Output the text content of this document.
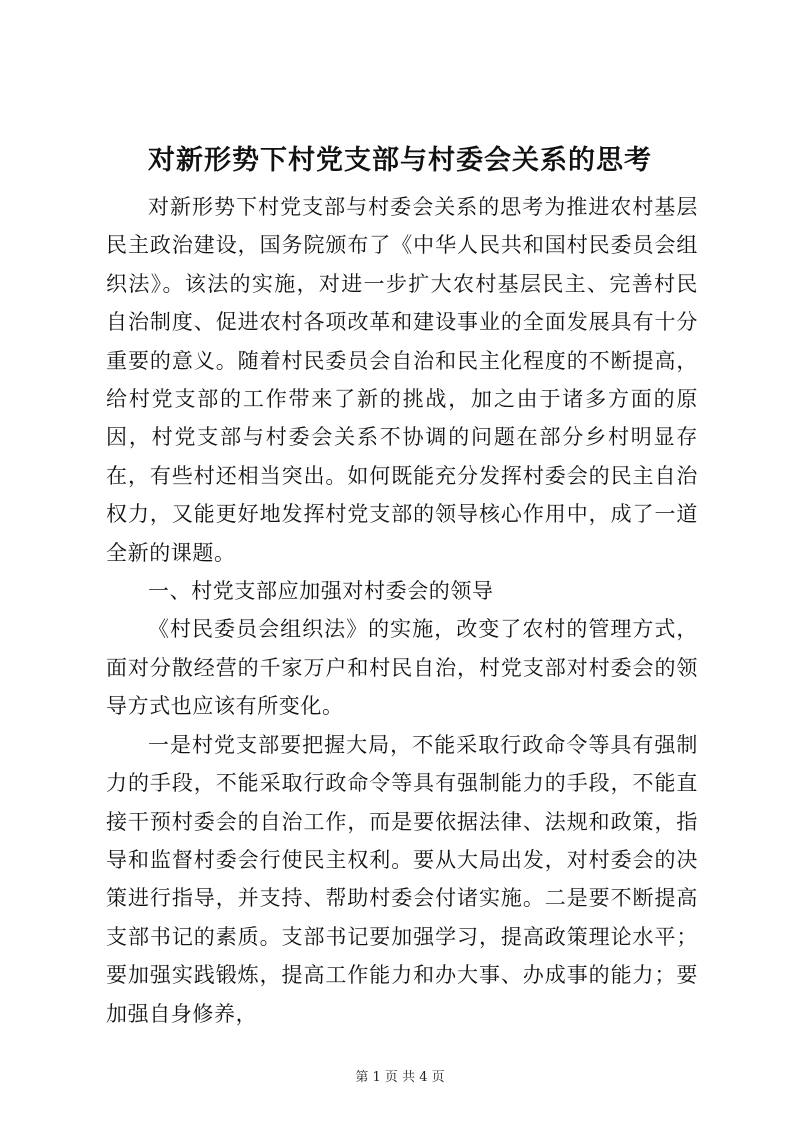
对新形势下村党支部与村委会关系的思考

对新形势下村党支部与村委会关系的思考为推进农村基层民主政治建设，国务院颁布了《中华人民共和国村民委员会组织法》。该法的实施，对进一步扩大农村基层民主、完善村民自治制度、促进农村各项改革和建设事业的全面发展具有十分重要的意义。随着村民委员会自治和民主化程度的不断提高，给村党支部的工作带来了新的挑战，加之由于诸多方面的原因，村党支部与村委会关系不协调的问题在部分乡村明显存在，有些村还相当突出。如何既能充分发挥村委会的民主自治权力，又能更好地发挥村党支部的领导核心作用中，成了一道全新的课题。

一、村党支部应加强对村委会的领导

《村民委员会组织法》的实施，改变了农村的管理方式，面对分散经营的千家万户和村民自治，村党支部对村委会的领导方式也应该有所变化。

一是村党支部要把握大局，不能采取行政命令等具有强制力的手段，不能采取行政命令等具有强制能力的手段，不能直接干预村委会的自治工作，而是要依据法律、法规和政策，指导和监督村委会行使民主权利。要从大局出发，对村委会的决策进行指导，并支持、帮助村委会付诸实施。二是要不断提高支部书记的素质。支部书记要加强学习，提高政策理论水平；要加强实践锻炼，提高工作能力和办大事、办成事的能力；要加强自身修养，

第 1 页 共 4 页
